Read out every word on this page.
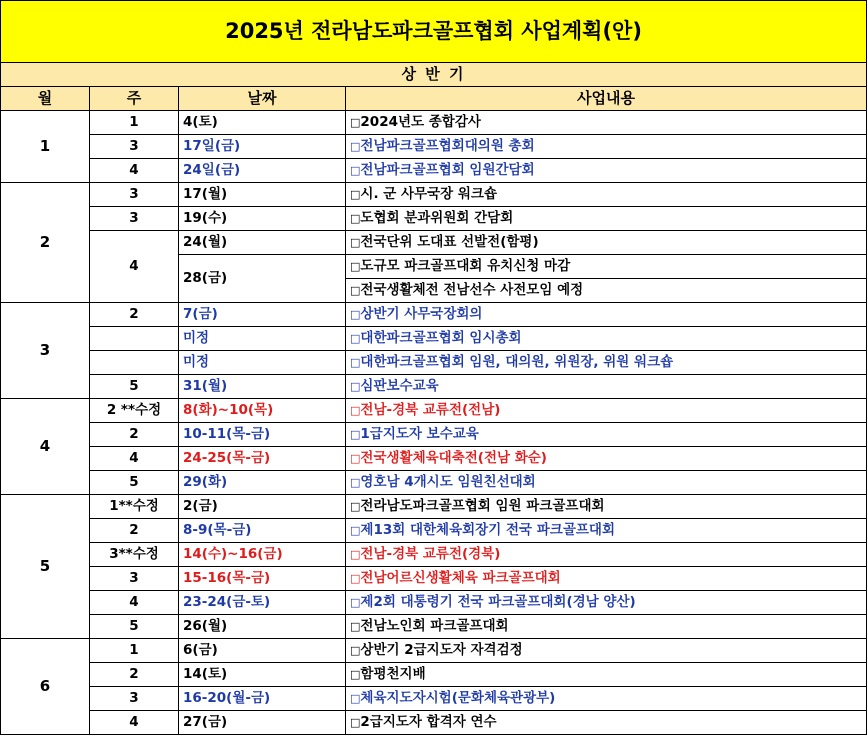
2025년 전라남도파크골프협회 사업계획(안)			
상 반 기			
월	주	날짜	사업내용
1	1	4(토)	□2024년도 종합감사
	3	17일(금)	□전남파크골프협회대의원 총회
	4	24일(금)	□전남파크골프협회 임원간담회
2	3	17(월)	□시. 군 사무국장 워크숍
	3	19(수)	□도협회 분과위원회 간담회
	4	24(월)	□전국단위 도대표 선발전(함평)
		28(금)	□도규모 파크골프대회 유치신청 마감
			□전국생활체전 전남선수 사전모임 예정
3	2	7(금)	□상반기 사무국장회의
		미정	□대한파크골프협회 임시총회
		미정	□대한파크골프협회 임원, 대의원, 위원장, 위원 워크숍
	5	31(월)	□심판보수교육
4	2 **수정	8(화)~10(목)	□전남-경북 교류전(전남)
	2	10-11(목-금)	□1급지도자 보수교육
	4	24-25(목-금)	□전국생활체육대축전(전남 화순)
	5	29(화)	□영호남 4개시도 임원친선대회
5	1**수정	2(금)	□전라남도파크골프협회 임원 파크골프대회
	2	8-9(목-금)	□제13회 대한체육회장기 전국 파크골프대회
	3**수정	14(수)~16(금)	□전남-경북 교류전(경북)
	3	15-16(목-금)	□전남어르신생활체육 파크골프대회
	4	23-24(금-토)	□제2회 대통령기 전국 파크골프대회(경남 양산)
	5	26(월)	□전남노인회 파크골프대회
6	1	6(금)	□상반기 2급지도자 자격검정
	2	14(토)	□함평천지배
	3	16-20(월-금)	□체육지도자시험(문화체육관광부)
	4	27(금)	□2급지도자 합격자 연수
